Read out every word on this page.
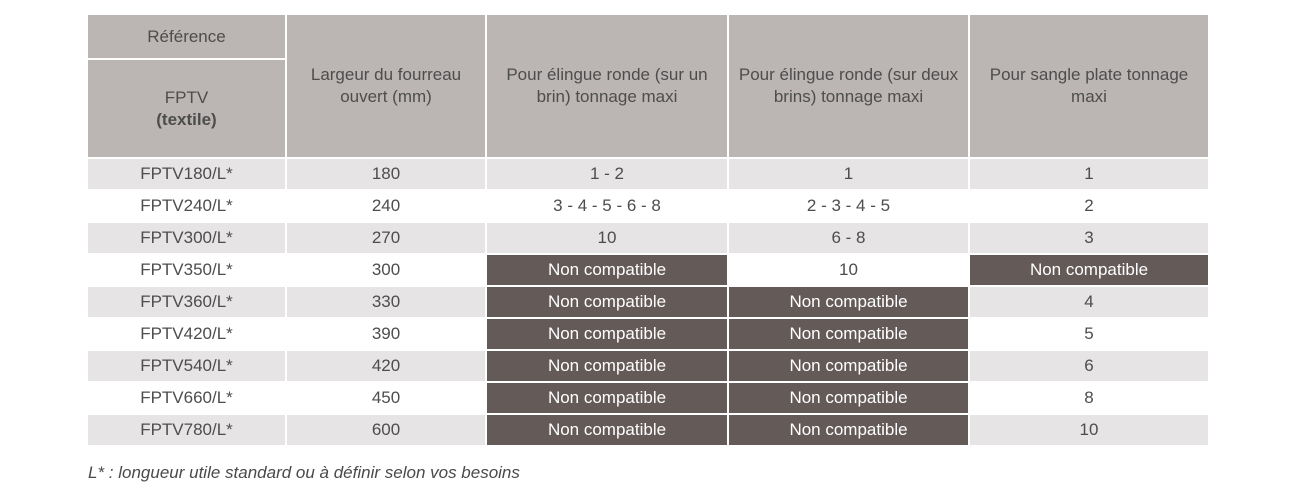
Référence	Largeur du fourreau ouvert (mm)	Pour élingue ronde (sur un brin) tonnage maxi	Pour élingue ronde (sur deux brins) tonnage maxi	Pour sangle plate tonnage maxi
FPTV
(textile)				
FPTV180/L*	180	1 - 2	1	1
FPTV240/L*	240	3 - 4 - 5 - 6 - 8	2 - 3 - 4 - 5	2
FPTV300/L*	270	10	6 - 8	3
FPTV350/L*	300	Non compatible	10	Non compatible
FPTV360/L*	330	Non compatible	Non compatible	4
FPTV420/L*	390	Non compatible	Non compatible	5
FPTV540/L*	420	Non compatible	Non compatible	6
FPTV660/L*	450	Non compatible	Non compatible	8
FPTV780/L*	600	Non compatible	Non compatible	10
L* : longueur utile standard ou à définir selon vos besoins
